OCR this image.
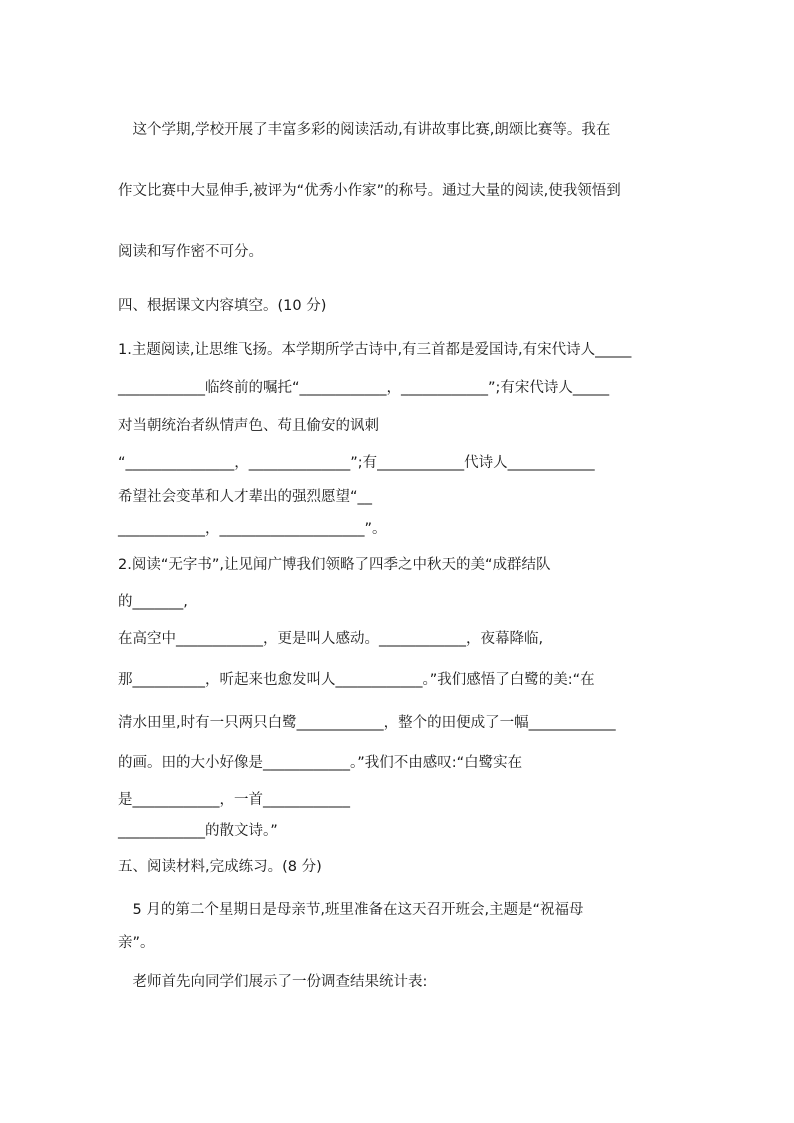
　这个学期,学校开展了丰富多彩的阅读活动,有讲故事比赛,朗颂比赛等。我在
作文比赛中大显伸手,被评为“优秀小作家”的称号。通过大量的阅读,使我领悟到
阅读和写作密不可分。
四、根据课文内容填空。(10 分)
1.主题阅读,让思维飞扬。本学期所学古诗中,有三首都是爱国诗,有宋代诗人_____
____________临终前的嘱托“____________，____________”;有宋代诗人_____
对当朝统治者纵情声色、苟且偷安的讽刺
“_______________，______________”;有____________代诗人____________
希望社会变革和人才辈出的强烈愿望“__
____________，____________________”。
2.阅读“无字书”,让见闻广博我们领略了四季之中秋天的美“成群结队
的_______,
在高空中____________，更是叫人感动。____________，夜幕降临,
那__________，听起来也愈发叫人____________。”我们感悟了白鹭的美:“在
清水田里,时有一只两只白鹭____________，整个的田便成了一幅____________
的画。田的大小好像是____________。”我们不由感叹:“白鹭实在
是____________，一首____________
____________的散文诗。”
五、阅读材料,完成练习。(8 分)
　5 月的第二个星期日是母亲节,班里准备在这天召开班会,主题是“祝福母
亲”。
　老师首先向同学们展示了一份调查结果统计表:
